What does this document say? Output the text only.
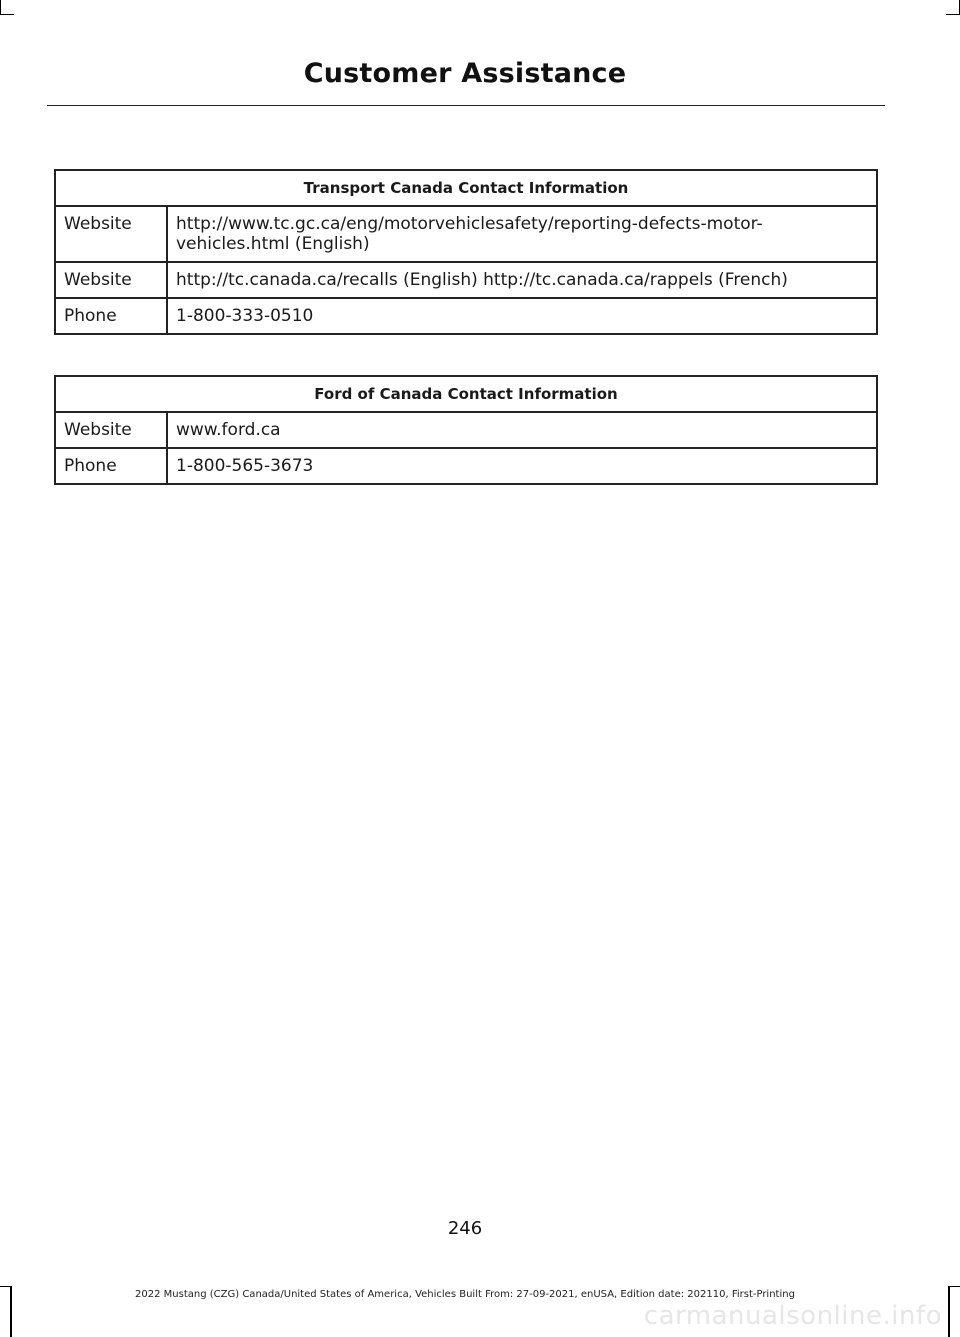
Customer Assistance
Transport Canada Contact Information	
Website	http://www.tc.gc.ca/eng/motorvehiclesafety/reporting-defects-motor-vehicles.html (English)
Website	http://tc.canada.ca/recalls (English) http://tc.canada.ca/rappels (French)
Phone	1-800-333-0510
Ford of Canada Contact Information	
Website	www.ford.ca
Phone	1-800-565-3673
246
2022 Mustang (CZG) Canada/United States of America, Vehicles Built From: 27-09-2021, enUSA, Edition date: 202110, First-Printing
carmanualsonline.info
